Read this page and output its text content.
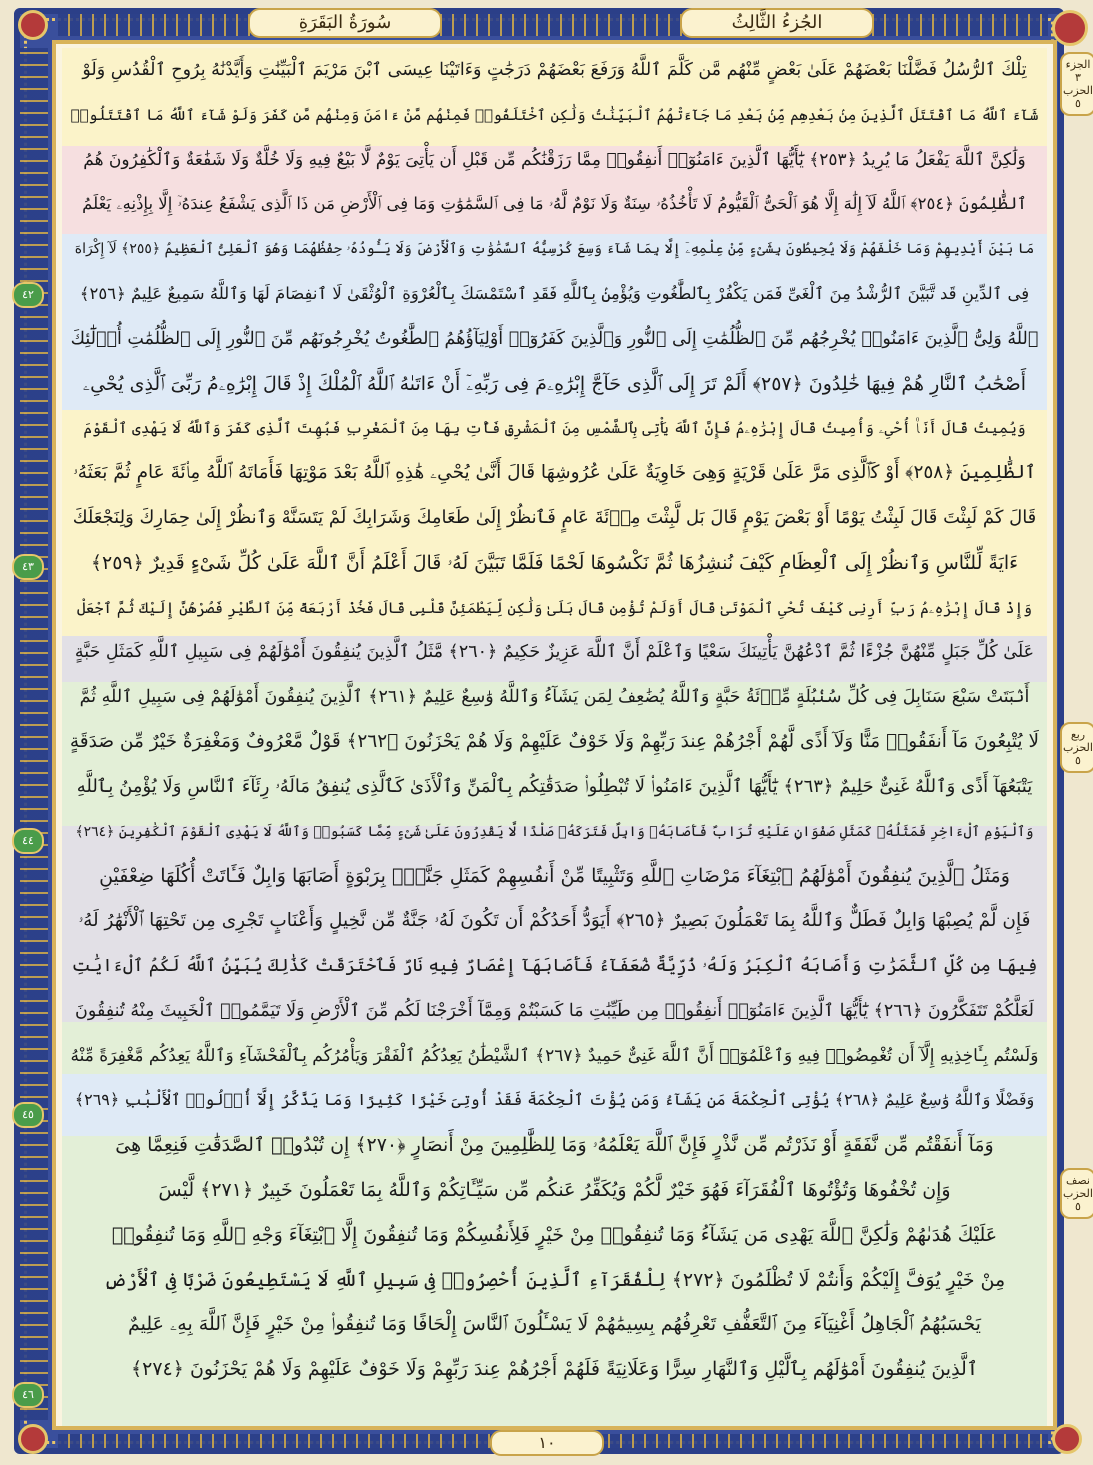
سُورَةُ البَقَرَةِ	الجُزءُ الثَّالِثُ
الجزء ٣
الحزب ٥
ربع الحزب ٥
نصف الحزب ٥
٤٢
٤٣
٤٤
٤٥
٤٦
تِلْكَ ٱلرُّسُلُ فَضَّلْنَا بَعْضَهُمْ عَلَىٰ بَعْضٍ مِّنْهُم مَّن كَلَّمَ ٱللَّهُ وَرَفَعَ بَعْضَهُمْ دَرَجَٰتٍ وَءَاتَيْنَا عِيسَى ٱبْنَ مَرْيَمَ ٱلْبَيِّنَٰتِ وَأَيَّدْنَٰهُ بِرُوحِ ٱلْقُدُسِ وَلَوْ
شَآءَ ٱللَّهُ مَا ٱقْتَتَلَ ٱلَّذِينَ مِنۢ بَعْدِهِم مِّنۢ بَعْدِ مَا جَآءَتْهُمُ ٱلْبَيِّنَٰتُ وَلَٰكِنِ ٱخْتَلَفُوا۟ فَمِنْهُم مَّنْ ءَامَنَ وَمِنْهُم مَّن كَفَرَ وَلَوْ شَآءَ ٱللَّهُ مَا ٱقْتَتَلُوا۟
وَلَٰكِنَّ ٱللَّهَ يَفْعَلُ مَا يُرِيدُ ﴿٢٥٣﴾ يَٰٓأَيُّهَا ٱلَّذِينَ ءَامَنُوٓا۟ أَنفِقُوا۟ مِمَّا رَزَقْنَٰكُم مِّن قَبْلِ أَن يَأْتِىَ يَوْمٌ لَّا بَيْعٌ فِيهِ وَلَا خُلَّةٌ وَلَا شَفَٰعَةٌ وَٱلْكَٰفِرُونَ هُمُ
ٱلظَّٰلِمُونَ ﴿٢٥٤﴾ ٱللَّهُ لَآ إِلَٰهَ إِلَّا هُوَ ٱلْحَىُّ ٱلْقَيُّومُ لَا تَأْخُذُهُۥ سِنَةٌ وَلَا نَوْمٌ لَّهُۥ مَا فِى ٱلسَّمَٰوَٰتِ وَمَا فِى ٱلْأَرْضِ مَن ذَا ٱلَّذِى يَشْفَعُ عِندَهُۥٓ إِلَّا بِإِذْنِهِۦ يَعْلَمُ
مَا بَيْنَ أَيْدِيهِمْ وَمَا خَلْفَهُمْ وَلَا يُحِيطُونَ بِشَىْءٍ مِّنْ عِلْمِهِۦٓ إِلَّا بِمَا شَآءَ وَسِعَ كُرْسِيُّهُ ٱلسَّمَٰوَٰتِ وَٱلْأَرْضَ وَلَا يَـُٔودُهُۥ حِفْظُهُمَا وَهُوَ ٱلْعَلِىُّ ٱلْعَظِيمُ ﴿٢٥٥﴾ لَآ إِكْرَاهَ
فِى ٱلدِّينِ قَد تَّبَيَّنَ ٱلرُّشْدُ مِنَ ٱلْغَىِّ فَمَن يَكْفُرْ بِٱلطَّٰغُوتِ وَيُؤْمِنۢ بِٱللَّهِ فَقَدِ ٱسْتَمْسَكَ بِٱلْعُرْوَةِ ٱلْوُثْقَىٰ لَا ٱنفِصَامَ لَهَا وَٱللَّهُ سَمِيعٌ عَلِيمٌ ﴿٢٥٦﴾
ٱللَّهُ وَلِىُّ ٱلَّذِينَ ءَامَنُوا۟ يُخْرِجُهُم مِّنَ ٱلظُّلُمَٰتِ إِلَى ٱلنُّورِ وَٱلَّذِينَ كَفَرُوٓا۟ أَوْلِيَآؤُهُمُ ٱلطَّٰغُوتُ يُخْرِجُونَهُم مِّنَ ٱلنُّورِ إِلَى ٱلظُّلُمَٰتِ أُو۟لَٰٓئِكَ
أَصْحَٰبُ ٱلنَّارِ هُمْ فِيهَا خَٰلِدُونَ ﴿٢٥٧﴾ أَلَمْ تَرَ إِلَى ٱلَّذِى حَآجَّ إِبْرَٰهِۦمَ فِى رَبِّهِۦٓ أَنْ ءَاتَىٰهُ ٱللَّهُ ٱلْمُلْكَ إِذْ قَالَ إِبْرَٰهِۦمُ رَبِّىَ ٱلَّذِى يُحْىِۦ
وَيُمِيتُ قَالَ أَنَا۠ أُحْىِۦ وَأُمِيتُ قَالَ إِبْرَٰهِۦمُ فَإِنَّ ٱللَّهَ يَأْتِى بِٱلشَّمْسِ مِنَ ٱلْمَشْرِقِ فَأْتِ بِهَا مِنَ ٱلْمَغْرِبِ فَبُهِتَ ٱلَّذِى كَفَرَ وَٱللَّهُ لَا يَهْدِى ٱلْقَوْمَ
ٱلظَّٰلِمِينَ ﴿٢٥٨﴾ أَوْ كَٱلَّذِى مَرَّ عَلَىٰ قَرْيَةٍ وَهِىَ خَاوِيَةٌ عَلَىٰ عُرُوشِهَا قَالَ أَنَّىٰ يُحْىِۦ هَٰذِهِ ٱللَّهُ بَعْدَ مَوْتِهَا فَأَمَاتَهُ ٱللَّهُ مِا۟ئَةَ عَامٍ ثُمَّ بَعَثَهُۥ
قَالَ كَمْ لَبِثْتَ قَالَ لَبِثْتُ يَوْمًا أَوْ بَعْضَ يَوْمٍ قَالَ بَل لَّبِثْتَ مِا۟ئَةَ عَامٍ فَٱنظُرْ إِلَىٰ طَعَامِكَ وَشَرَابِكَ لَمْ يَتَسَنَّهْ وَٱنظُرْ إِلَىٰ حِمَارِكَ وَلِنَجْعَلَكَ
ءَايَةً لِّلنَّاسِ وَٱنظُرْ إِلَى ٱلْعِظَامِ كَيْفَ نُنشِزُهَا ثُمَّ نَكْسُوهَا لَحْمًا فَلَمَّا تَبَيَّنَ لَهُۥ قَالَ أَعْلَمُ أَنَّ ٱللَّهَ عَلَىٰ كُلِّ شَىْءٍ قَدِيرٌ ﴿٢٥٩﴾
وَإِذْ قَالَ إِبْرَٰهِۦمُ رَبِّ أَرِنِى كَيْفَ تُحْىِ ٱلْمَوْتَىٰ قَالَ أَوَلَمْ تُؤْمِن قَالَ بَلَىٰ وَلَٰكِن لِّيَطْمَئِنَّ قَلْبِى قَالَ فَخُذْ أَرْبَعَةً مِّنَ ٱلطَّيْرِ فَصُرْهُنَّ إِلَيْكَ ثُمَّ ٱجْعَلْ
عَلَىٰ كُلِّ جَبَلٍ مِّنْهُنَّ جُزْءًا ثُمَّ ٱدْعُهُنَّ يَأْتِينَكَ سَعْيًا وَٱعْلَمْ أَنَّ ٱللَّهَ عَزِيزٌ حَكِيمٌ ﴿٢٦٠﴾ مَّثَلُ ٱلَّذِينَ يُنفِقُونَ أَمْوَٰلَهُمْ فِى سَبِيلِ ٱللَّهِ كَمَثَلِ حَبَّةٍ
أَنۢبَتَتْ سَبْعَ سَنَابِلَ فِى كُلِّ سُنۢبُلَةٍ مِّا۟ئَةُ حَبَّةٍ وَٱللَّهُ يُضَٰعِفُ لِمَن يَشَآءُ وَٱللَّهُ وَٰسِعٌ عَلِيمٌ ﴿٢٦١﴾ ٱلَّذِينَ يُنفِقُونَ أَمْوَٰلَهُمْ فِى سَبِيلِ ٱللَّهِ ثُمَّ
لَا يُتْبِعُونَ مَآ أَنفَقُوا۟ مَنًّا وَلَآ أَذًى لَّهُمْ أَجْرُهُمْ عِندَ رَبِّهِمْ وَلَا خَوْفٌ عَلَيْهِمْ وَلَا هُمْ يَحْزَنُونَ ﴿٢٦٢﴾ قَوْلٌ مَّعْرُوفٌ وَمَغْفِرَةٌ خَيْرٌ مِّن صَدَقَةٍ
يَتْبَعُهَآ أَذًى وَٱللَّهُ غَنِىٌّ حَلِيمٌ ﴿٢٦٣﴾ يَٰٓأَيُّهَا ٱلَّذِينَ ءَامَنُوا۟ لَا تُبْطِلُوا۟ صَدَقَٰتِكُم بِٱلْمَنِّ وَٱلْأَذَىٰ كَٱلَّذِى يُنفِقُ مَالَهُۥ رِئَآءَ ٱلنَّاسِ وَلَا يُؤْمِنُ بِٱللَّهِ
وَٱلْيَوْمِ ٱلْءَاخِرِ فَمَثَلُهُۥ كَمَثَلِ صَفْوَانٍ عَلَيْهِ تُرَابٌ فَأَصَابَهُۥ وَابِلٌ فَتَرَكَهُۥ صَلْدًا لَّا يَقْدِرُونَ عَلَىٰ شَىْءٍ مِّمَّا كَسَبُوا۟ وَٱللَّهُ لَا يَهْدِى ٱلْقَوْمَ ٱلْكَٰفِرِينَ ﴿٢٦٤﴾
وَمَثَلُ ٱلَّذِينَ يُنفِقُونَ أَمْوَٰلَهُمُ ٱبْتِغَآءَ مَرْضَاتِ ٱللَّهِ وَتَثْبِيتًا مِّنْ أَنفُسِهِمْ كَمَثَلِ جَنَّةٍۭ بِرَبْوَةٍ أَصَابَهَا وَابِلٌ فَـَٔاتَتْ أُكُلَهَا ضِعْفَيْنِ
فَإِن لَّمْ يُصِبْهَا وَابِلٌ فَطَلٌّ وَٱللَّهُ بِمَا تَعْمَلُونَ بَصِيرٌ ﴿٢٦٥﴾ أَيَوَدُّ أَحَدُكُمْ أَن تَكُونَ لَهُۥ جَنَّةٌ مِّن نَّخِيلٍ وَأَعْنَابٍ تَجْرِى مِن تَحْتِهَا ٱلْأَنْهَٰرُ لَهُۥ
فِيهَا مِن كُلِّ ٱلثَّمَرَٰتِ وَأَصَابَهُ ٱلْكِبَرُ وَلَهُۥ ذُرِّيَّةٌ ضُعَفَآءُ فَأَصَابَهَآ إِعْصَارٌ فِيهِ نَارٌ فَٱحْتَرَقَتْ كَذَٰلِكَ يُبَيِّنُ ٱللَّهُ لَكُمُ ٱلْءَايَٰتِ
لَعَلَّكُمْ تَتَفَكَّرُونَ ﴿٢٦٦﴾ يَٰٓأَيُّهَا ٱلَّذِينَ ءَامَنُوٓا۟ أَنفِقُوا۟ مِن طَيِّبَٰتِ مَا كَسَبْتُمْ وَمِمَّآ أَخْرَجْنَا لَكُم مِّنَ ٱلْأَرْضِ وَلَا تَيَمَّمُوا۟ ٱلْخَبِيثَ مِنْهُ تُنفِقُونَ
وَلَسْتُم بِـَٔاخِذِيهِ إِلَّآ أَن تُغْمِضُوا۟ فِيهِ وَٱعْلَمُوٓا۟ أَنَّ ٱللَّهَ غَنِىٌّ حَمِيدٌ ﴿٢٦٧﴾ ٱلشَّيْطَٰنُ يَعِدُكُمُ ٱلْفَقْرَ وَيَأْمُرُكُم بِٱلْفَحْشَآءِ وَٱللَّهُ يَعِدُكُم مَّغْفِرَةً مِّنْهُ
وَفَضْلًا وَٱللَّهُ وَٰسِعٌ عَلِيمٌ ﴿٢٦٨﴾ يُؤْتِى ٱلْحِكْمَةَ مَن يَشَآءُ وَمَن يُؤْتَ ٱلْحِكْمَةَ فَقَدْ أُوتِىَ خَيْرًا كَثِيرًا وَمَا يَذَّكَّرُ إِلَّآ أُو۟لُوا۟ ٱلْأَلْبَٰبِ ﴿٢٦٩﴾
وَمَآ أَنفَقْتُم مِّن نَّفَقَةٍ أَوْ نَذَرْتُم مِّن نَّذْرٍ فَإِنَّ ٱللَّهَ يَعْلَمُهُۥ وَمَا لِلظَّٰلِمِينَ مِنْ أَنصَارٍ ﴿٢٧٠﴾ إِن تُبْدُوا۟ ٱلصَّدَقَٰتِ فَنِعِمَّا هِىَ
وَإِن تُخْفُوهَا وَتُؤْتُوهَا ٱلْفُقَرَآءَ فَهُوَ خَيْرٌ لَّكُمْ وَيُكَفِّرُ عَنكُم مِّن سَيِّـَٔاتِكُمْ وَٱللَّهُ بِمَا تَعْمَلُونَ خَبِيرٌ ﴿٢٧١﴾ لَّيْسَ
عَلَيْكَ هُدَىٰهُمْ وَلَٰكِنَّ ٱللَّهَ يَهْدِى مَن يَشَآءُ وَمَا تُنفِقُوا۟ مِنْ خَيْرٍ فَلِأَنفُسِكُمْ وَمَا تُنفِقُونَ إِلَّا ٱبْتِغَآءَ وَجْهِ ٱللَّهِ وَمَا تُنفِقُوا۟
مِنْ خَيْرٍ يُوَفَّ إِلَيْكُمْ وَأَنتُمْ لَا تُظْلَمُونَ ﴿٢٧٢﴾ لِلْفُقَرَآءِ ٱلَّذِينَ أُحْصِرُوا۟ فِى سَبِيلِ ٱللَّهِ لَا يَسْتَطِيعُونَ ضَرْبًا فِى ٱلْأَرْضِ
يَحْسَبُهُمُ ٱلْجَاهِلُ أَغْنِيَآءَ مِنَ ٱلتَّعَفُّفِ تَعْرِفُهُم بِسِيمَٰهُمْ لَا يَسْـَٔلُونَ ٱلنَّاسَ إِلْحَافًا وَمَا تُنفِقُوا۟ مِنْ خَيْرٍ فَإِنَّ ٱللَّهَ بِهِۦ عَلِيمٌ
ٱلَّذِينَ يُنفِقُونَ أَمْوَٰلَهُم بِٱلَّيْلِ وَٱلنَّهَارِ سِرًّا وَعَلَانِيَةً فَلَهُمْ أَجْرُهُمْ عِندَ رَبِّهِمْ وَلَا خَوْفٌ عَلَيْهِمْ وَلَا هُمْ يَحْزَنُونَ ﴿٢٧٤﴾
١٠
